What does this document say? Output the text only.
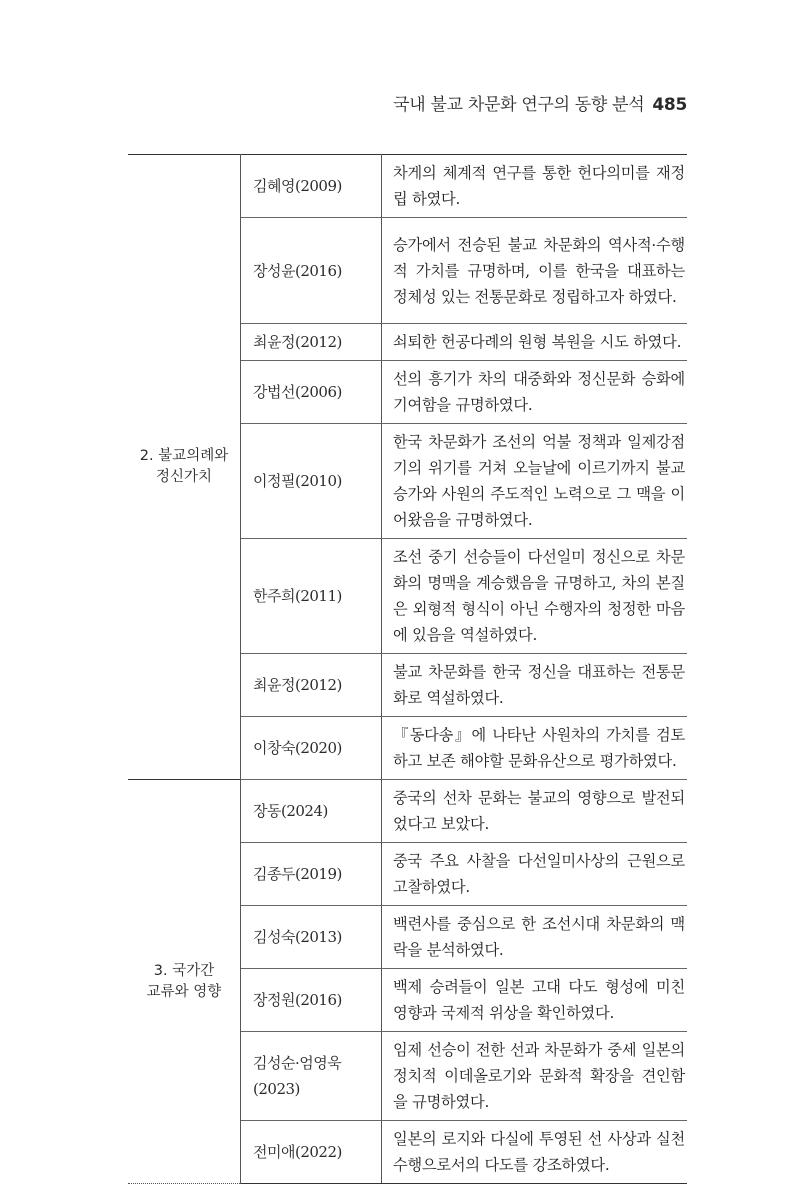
국내 불교 차문화 연구의 동향 분석 485
2. 불교의례와
정신가치	김혜영(2009)	차게의 체계적 연구를 통한 헌다의미를 재정립 하였다.
	장성윤(2016)	승가에서 전승된 불교 차문화의 역사적·수행적 가치를 규명하며, 이를 한국을 대표하는 정체성 있는 전통문화로 정립하고자 하였다.
	최윤정(2012)	쇠퇴한 헌공다례의 원형 복원을 시도 하였다.
	강법선(2006)	선의 흥기가 차의 대중화와 정신문화 승화에 기여함을 규명하였다.
	이정필(2010)	한국 차문화가 조선의 억불 정책과 일제강점기의 위기를 거쳐 오늘날에 이르기까지 불교 승가와 사원의 주도적인 노력으로 그 맥을 이어왔음을 규명하였다.
	한주희(2011)	조선 중기 선승들이 다선일미 정신으로 차문화의 명맥을 계승했음을 규명하고, 차의 본질은 외형적 형식이 아닌 수행자의 청정한 마음에 있음을 역설하였다.
	최윤정(2012)	불교 차문화를 한국 정신을 대표하는 전통문화로 역설하였다.
	이창숙(2020)	『동다송』에 나타난 사원차의 가치를 검토하고 보존 해야할 문화유산으로 평가하였다.

3. 국가간
교류와 영향	장동(2024)	중국의 선차 문화는 불교의 영향으로 발전되었다고 보았다.
	김종두(2019)	중국 주요 사찰을 다선일미사상의 근원으로 고찰하였다.
	김성숙(2013)	백련사를 중심으로 한 조선시대 차문화의 맥락을 분석하였다.
	장정원(2016)	백제 승려들이 일본 고대 다도 형성에 미친 영향과 국제적 위상을 확인하였다.
	김성순·엄영욱(2023)	임제 선승이 전한 선과 차문화가 중세 일본의 정치적 이데올로기와 문화적 확장을 견인함을 규명하였다.
	전미애(2022)	일본의 로지와 다실에 투영된 선 사상과 실천 수행으로서의 다도를 강조하였다.
